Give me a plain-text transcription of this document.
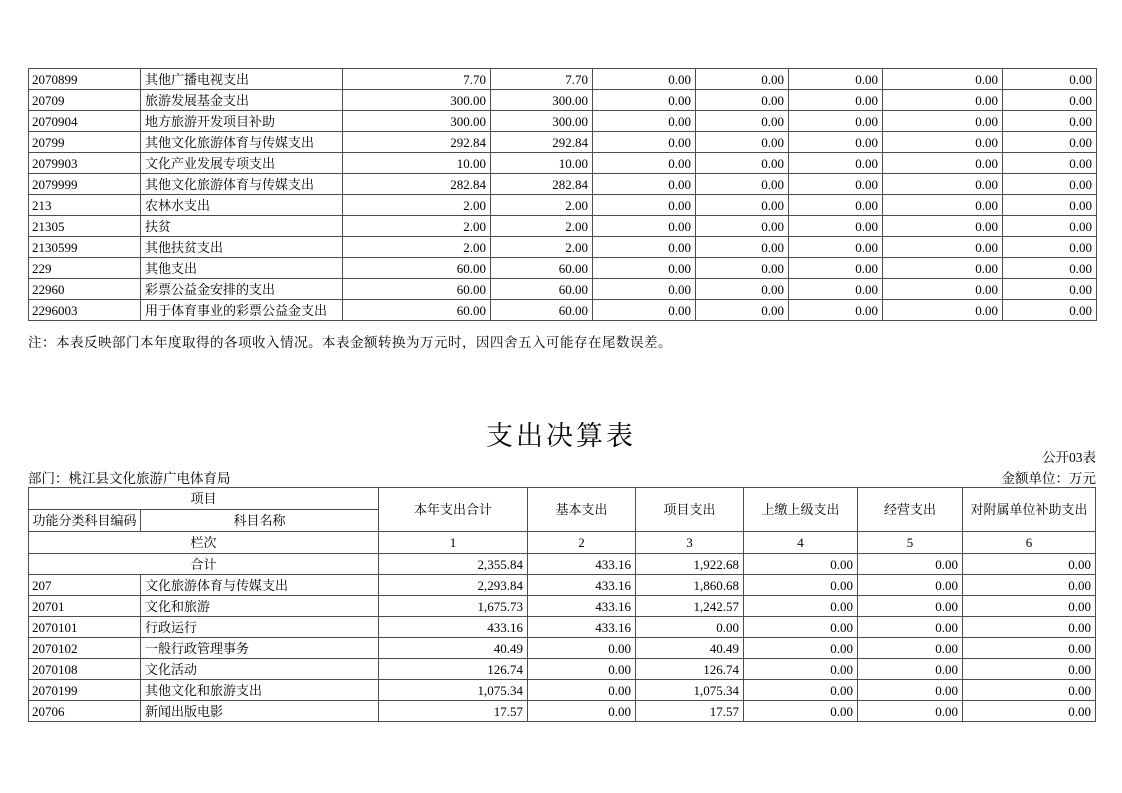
2070899	其他广播电视支出	7.70	7.70	0.00	0.00	0.00	0.00	0.00
20709	旅游发展基金支出	300.00	300.00	0.00	0.00	0.00	0.00	0.00
2070904	地方旅游开发项目补助	300.00	300.00	0.00	0.00	0.00	0.00	0.00
20799	其他文化旅游体育与传媒支出	292.84	292.84	0.00	0.00	0.00	0.00	0.00
2079903	文化产业发展专项支出	10.00	10.00	0.00	0.00	0.00	0.00	0.00
2079999	其他文化旅游体育与传媒支出	282.84	282.84	0.00	0.00	0.00	0.00	0.00
213	农林水支出	2.00	2.00	0.00	0.00	0.00	0.00	0.00
21305	扶贫	2.00	2.00	0.00	0.00	0.00	0.00	0.00
2130599	其他扶贫支出	2.00	2.00	0.00	0.00	0.00	0.00	0.00
229	其他支出	60.00	60.00	0.00	0.00	0.00	0.00	0.00
22960	彩票公益金安排的支出	60.00	60.00	0.00	0.00	0.00	0.00	0.00
2296003	用于体育事业的彩票公益金支出	60.00	60.00	0.00	0.00	0.00	0.00	0.00
注：本表反映部门本年度取得的各项收入情况。本表金额转换为万元时，因四舍五入可能存在尾数误差。
支出决算表
公开03表
部门：桃江县文化旅游广电体育局	金额单位：万元
项目		本年支出合计	基本支出	项目支出	上缴上级支出	经营支出	对附属单位补助支出
功能分类科目编码	科目名称						
栏次		1	2	3	4	5	6
合计		2,355.84	433.16	1,922.68	0.00	0.00	0.00
207	文化旅游体育与传媒支出	2,293.84	433.16	1,860.68	0.00	0.00	0.00
20701	文化和旅游	1,675.73	433.16	1,242.57	0.00	0.00	0.00
2070101	行政运行	433.16	433.16	0.00	0.00	0.00	0.00
2070102	一般行政管理事务	40.49	0.00	40.49	0.00	0.00	0.00
2070108	文化活动	126.74	0.00	126.74	0.00	0.00	0.00
2070199	其他文化和旅游支出	1,075.34	0.00	1,075.34	0.00	0.00	0.00
20706	新闻出版电影	17.57	0.00	17.57	0.00	0.00	0.00
